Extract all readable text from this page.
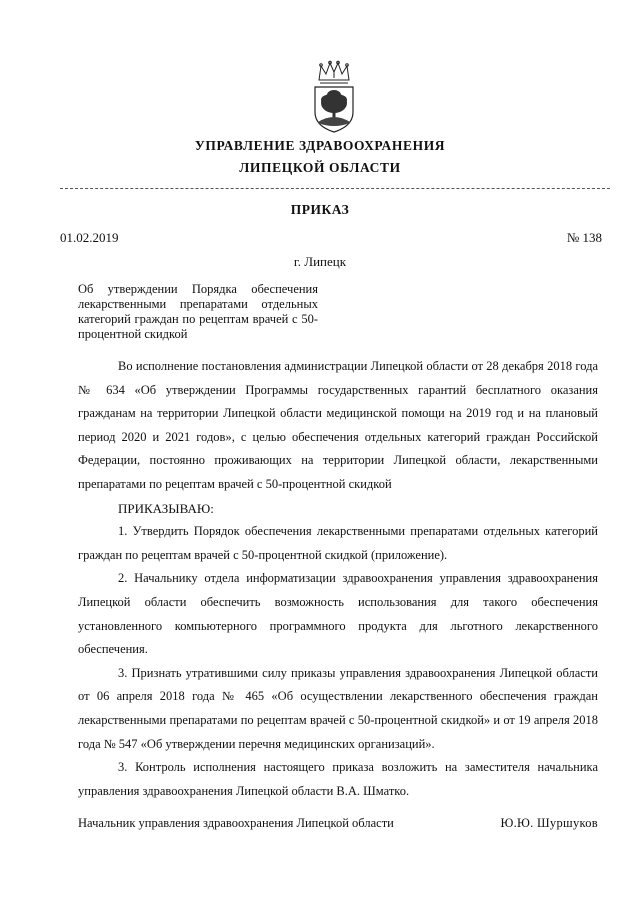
УПРАВЛЕНИЕ ЗДРАВООХРАНЕНИЯ
ЛИПЕЦКОЙ ОБЛАСТИ
ПРИКАЗ
01.02.2019	№ 138
г. Липецк
Об утверждении Порядка обеспечения лекарственными препаратами отдельных категорий граждан по рецептам врачей с 50-процентной скидкой

Во исполнение постановления администрации Липецкой области от 28 декабря 2018 года № 634 «Об утверждении Программы государственных гарантий бесплатного оказания гражданам на территории Липецкой области медицинской помощи на 2019 год и на плановый период 2020 и 2021 годов», с целью обеспечения отдельных категорий граждан Российской Федерации, постоянно проживающих на территории Липецкой области, лекарственными препаратами по рецептам врачей с 50-процентной скидкой

ПРИКАЗЫВАЮ:

1. Утвердить Порядок обеспечения лекарственными препаратами отдельных категорий граждан по рецептам врачей с 50-процентной скидкой (приложение).

2. Начальнику отдела информатизации здравоохранения управления здравоохранения Липецкой области обеспечить возможность использования для такого обеспечения установленного компьютерного программного продукта для льготного лекарственного обеспечения.

3. Признать утратившими силу приказы управления здравоохранения Липецкой области от 06 апреля 2018 года № 465 «Об осуществлении лекарственного обеспечения граждан лекарственными препаратами по рецептам врачей с 50-процентной скидкой» и от 19 апреля 2018 года № 547 «Об утверждении перечня медицинских организаций».

3. Контроль исполнения настоящего приказа возложить на заместителя начальника управления здравоохранения Липецкой области В.А. Шматко.

Начальник управления здравоохранения Липецкой области	Ю.Ю. Шуршуков
